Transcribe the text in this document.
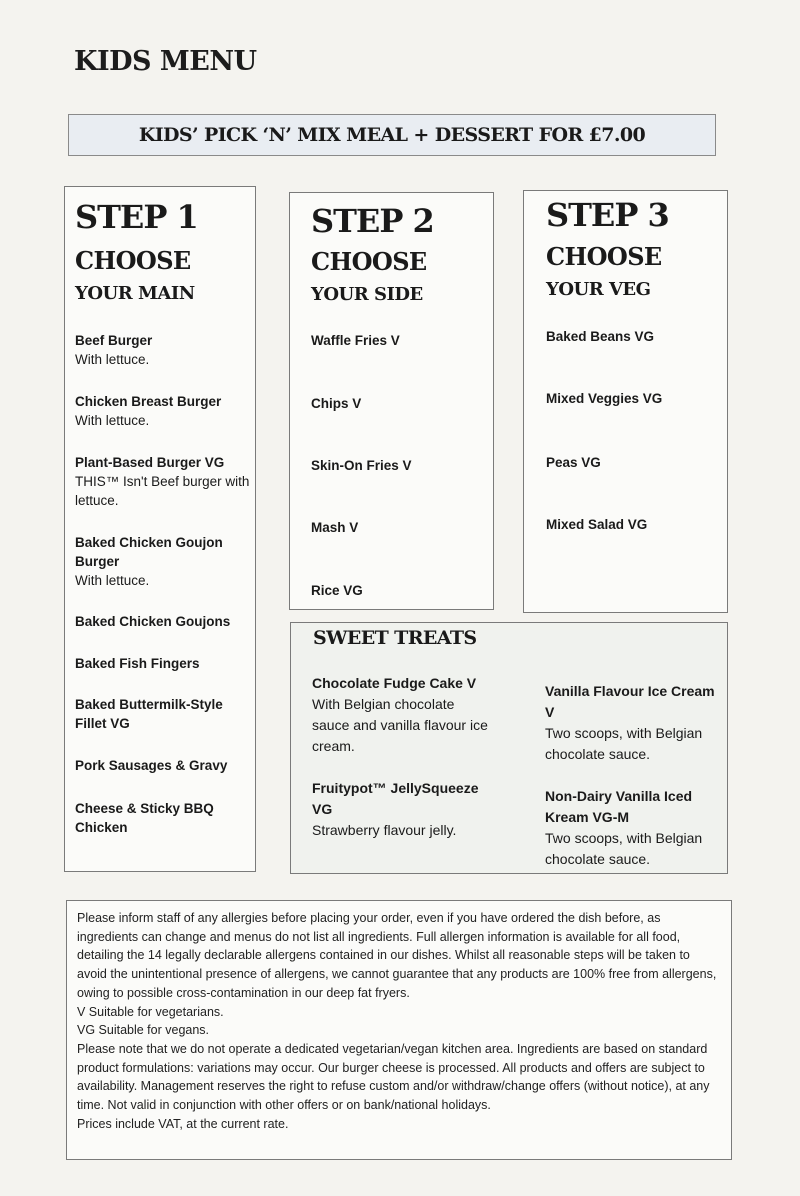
KIDS MENU
KIDS’ PICK ‘N’ MIX MEAL + DESSERT FOR £7.00
STEP 1
CHOOSE
YOUR MAIN
Beef Burger
With lettuce.
Chicken Breast Burger
With lettuce.
Plant-Based Burger VG
THIS™ Isn't Beef burger with lettuce.
Baked Chicken Goujon Burger
With lettuce.
Baked Chicken Goujons
Baked Fish Fingers
Baked Buttermilk-Style Fillet VG
Pork Sausages & Gravy
Cheese & Sticky BBQ Chicken
STEP 2
CHOOSE
YOUR SIDE
Waffle Fries V
Chips V
Skin-On Fries V
Mash V
Rice VG
STEP 3
CHOOSE
YOUR VEG
Baked Beans VG
Mixed Veggies VG
Peas VG
Mixed Salad VG
SWEET TREATS
Chocolate Fudge Cake V
With Belgian chocolate sauce and vanilla flavour ice cream.
Fruitypot™ JellySqueeze VG
Strawberry flavour jelly.
Vanilla Flavour Ice Cream V
Two scoops, with Belgian chocolate sauce.
Non-Dairy Vanilla Iced Kream VG-M
Two scoops, with Belgian chocolate sauce.

Please inform staff of any allergies before placing your order, even if you have ordered the dish before, as ingredients can change and menus do not list all ingredients. Full allergen information is available for all food, detailing the 14 legally declarable allergens contained in our dishes. Whilst all reasonable steps will be taken to avoid the unintentional presence of allergens, we cannot guarantee that any products are 100% free from allergens, owing to possible cross-contamination in our deep fat fryers.

V Suitable for vegetarians.

VG Suitable for vegans.

Please note that we do not operate a dedicated vegetarian/vegan kitchen area. Ingredients are based on standard product formulations: variations may occur. Our burger cheese is processed. All products and offers are subject to availability. Management reserves the right to refuse custom and/or withdraw/change offers (without notice), at any time. Not valid in conjunction with other offers or on bank/national holidays.

Prices include VAT, at the current rate.
